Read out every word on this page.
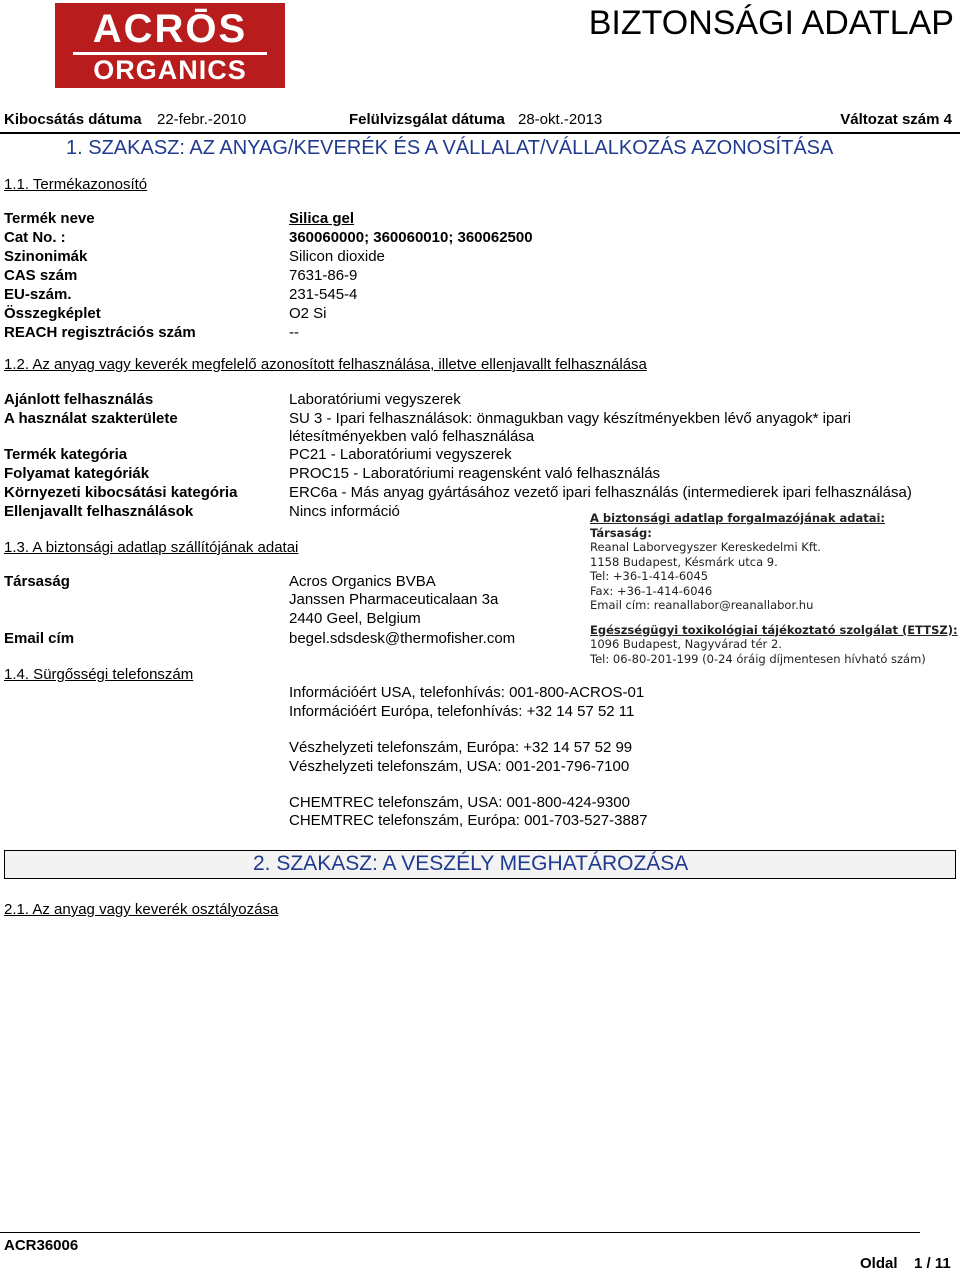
ACRŌS
ORGANICS
BIZTONSÁGI ADATLAP
Kibocsátás dátuma 22-febr.-2010	Felülvizsgálat dátuma 28-okt.-2013	Változat szám 4
1. SZAKASZ: AZ ANYAG/KEVERÉK ÉS A VÁLLALAT/VÁLLALKOZÁS AZONOSÍTÁSA
1.1. Termékazonosító
Termék neve	Silica gel
Cat No. :	360060000; 360060010; 360062500
Szinonimák	Silicon dioxide
CAS szám	7631-86-9
EU-szám.	231-545-4
Összegképlet	O2 Si
REACH regisztrációs szám	--
1.2. Az anyag vagy keverék megfelelő azonosított felhasználása, illetve ellenjavallt felhasználása
Ajánlott felhasználás	Laboratóriumi vegyszerek
A használat szakterülete	SU 3 - Ipari felhasználások: önmagukban vagy készítményekben lévő anyagok* ipari
létesítményekben való felhasználása
Termék kategória	PC21 - Laboratóriumi vegyszerek
Folyamat kategóriák	PROC15 - Laboratóriumi reagensként való felhasználás
Környezeti kibocsátási kategória	ERC6a - Más anyag gyártásához vezető ipari felhasználás (intermedierek ipari felhasználása)
Ellenjavallt felhasználások	Nincs információ	A biztonsági adatlap forgalmazójának adatai:
Társaság:
Reanal Laborvegyszer Kereskedelmi Kft.
1158 Budapest, Késmárk utca 9.
Tel: +36-1-414-6045
Fax: +36-1-414-6046
Email cím: reanallabor@reanallabor.hu
Egészségügyi toxikológiai tájékoztató szolgálat (ETTSZ):
1096 Budapest, Nagyvárad tér 2.
Tel: 06-80-201-199 (0-24 óráig díjmentesen hívható szám)
1.3. A biztonsági adatlap szállítójának adatai
Társaság	Acros Organics BVBA
Janssen Pharmaceuticalaan 3a
2440 Geel, Belgium
Email cím	begel.sdsdesk@thermofisher.com
1.4. Sürgősségi telefonszám
Információért USA, telefonhívás: 001-800-ACROS-01
Információért Európa, telefonhívás: +32 14 57 52 11
Vészhelyzeti telefonszám, Európa: +32 14 57 52 99
Vészhelyzeti telefonszám, USA: 001-201-796-7100
CHEMTREC telefonszám, USA: 001-800-424-9300
CHEMTREC telefonszám, Európa: 001-703-527-3887
2. SZAKASZ: A VESZÉLY MEGHATÁROZÁSA
2.1. Az anyag vagy keverék osztályozása
ACR36006
Oldal 1 / 11
